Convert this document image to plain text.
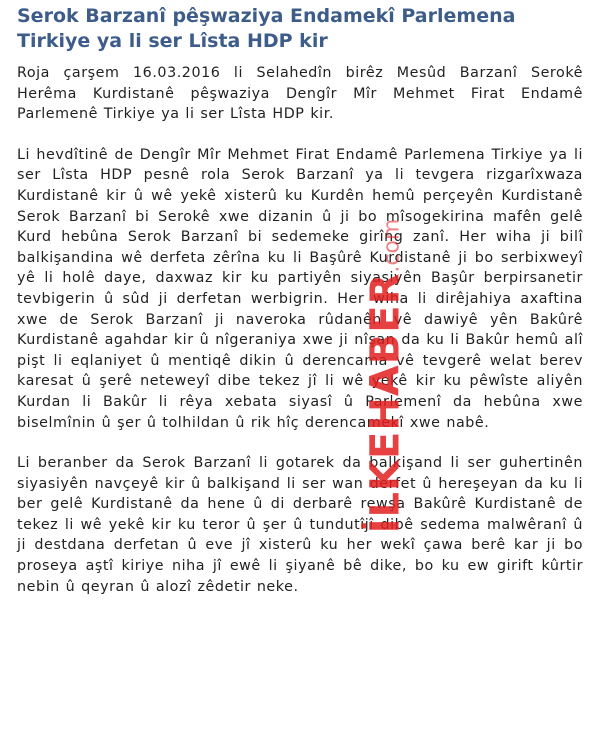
Serok Barzanî pêşwaziya Endamekî Parlemena Tirkiye ya li ser Lîsta HDP kir

Roja çarşem 16.03.2016 li Selahedîn birêz Mesûd Barzanî Serokê Herêma Kurdistanê pêşwaziya Dengîr Mîr Mehmet Firat Endamê Parlemenê Tirkiye ya li ser Lîsta HDP kir.

Li hevdîtinê de Dengîr Mîr Mehmet Firat Endamê Parlemena Tirkiye ya li ser Lîsta HDP pesnê rola Serok Barzanî ya li tevgera rizgarîxwaza Kurdistanê kir û wê yekê xisterû ku Kurdên hemû perçeyên Kurdistanê Serok Barzanî bi Serokê xwe dizanin û ji bo mîsogekirina mafên gelê Kurd hebûna Serok Barzanî bi sedemeke girîng zanî. Her wiha ji bilî balkişandina wê derfeta zêrîna ku li Başûrê Kurdistanê ji bo serbixweyî yê li holê daye, daxwaz kir ku partiyên siyasiyên Başûr berpirsanetir tevbigerin û sûd ji derfetan werbigrin. Her wiha li dirêjahiya axaftina xwe de Serok Barzanî ji naveroka rûdanên vê dawiyê yên Bakûrê Kurdistanê agahdar kir û nîgeraniya xwe ji nîşan da ku li Bakûr hemû alî pişt li eqlaniyet û mentiqê dikin û derencama vê tevgerê welat berev karesat û şerê neteweyî dibe tekez jî li wê yekê kir ku pêwîste aliyên Kurdan li Bakûr li rêya xebata siyasî û Parlemenî da hebûna xwe biselmînin û şer û tolhildan û rik hîç derencamekî xwe nabê.

Li beranber da Serok Barzanî li gotarek da balkişand li ser guhertinên siyasiyên navçeyê kir û balkişand li ser wan derfet û hereşeyan da ku li ber gelê Kurdistanê da hene û di derbarê rewşa Bakûrê Kurdistanê de tekez li wê yekê kir ku teror û şer û tundutîjî dibê sedema malwêranî û ji destdana derfetan û eve jî xisterû ku her wekî çawa berê kar ji bo proseya aştî kiriye niha jî ewê li şiyanê bê dike, bo ku ew girift kûrtir nebin û qeyran û alozî zêdetir neke.

İLKEHABER.com
